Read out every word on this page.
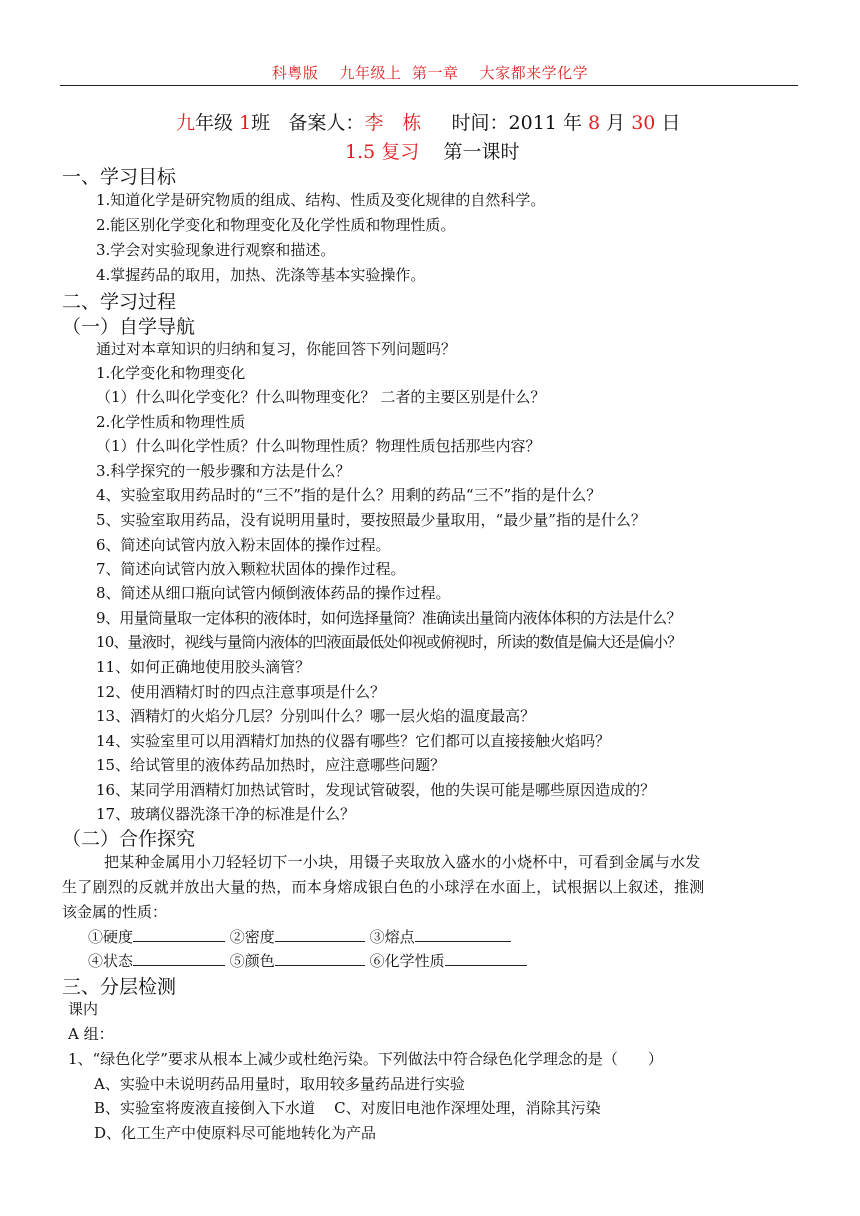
科粤版 九年级上 第一章 大家都来学化学
九年级 1班 备案人：李　栋 时间：2011 年 8 月 30 日
1.5 复习 第一课时
一、学习目标
1.知道化学是研究物质的组成、结构、性质及变化规律的自然科学。
2.能区别化学变化和物理变化及化学性质和物理性质。
3.学会对实验现象进行观察和描述。
4.掌握药品的取用，加热、洗涤等基本实验操作。
二、学习过程
（一）自学导航
通过对本章知识的归纳和复习，你能回答下列问题吗？
1.化学变化和物理变化
（1）什么叫化学变化？什么叫物理变化？ 二者的主要区别是什么？
2.化学性质和物理性质
（1）什么叫化学性质？什么叫物理性质？物理性质包括那些内容？
3.科学探究的一般步骤和方法是什么？
4、实验室取用药品时的“三不”指的是什么？用剩的药品“三不”指的是什么？
5、实验室取用药品，没有说明用量时，要按照最少量取用，“最少量”指的是什么？
6、简述向试管内放入粉末固体的操作过程。
7、简述向试管内放入颗粒状固体的操作过程。
8、简述从细口瓶向试管内倾倒液体药品的操作过程。
9、用量筒量取一定体积的液体时，如何选择量筒？准确读出量筒内液体体积的方法是什么？
10、量液时，视线与量筒内液体的凹液面最低处仰视或俯视时，所读的数值是偏大还是偏小？
11、如何正确地使用胶头滴管？
12、使用酒精灯时的四点注意事项是什么？
13、酒精灯的火焰分几层？分别叫什么？哪一层火焰的温度最高？
14、实验室里可以用酒精灯加热的仪器有哪些？它们都可以直接接触火焰吗？
15、给试管里的液体药品加热时，应注意哪些问题？
16、某同学用酒精灯加热试管时，发现试管破裂，他的失误可能是哪些原因造成的？
17、玻璃仪器洗涤干净的标准是什么？
（二）合作探究
把某种金属用小刀轻轻切下一小块，用镊子夹取放入盛水的小烧杯中，可看到金属与水发
生了剧烈的反就并放出大量的热，而本身熔成银白色的小球浮在水面上，试根据以上叙述，推测
该金属的性质：
①硬度	②密度	③熔点
④状态	⑤颜色	⑥化学性质
三、分层检测
课内
A 组：
1、“绿色化学”要求从根本上减少或杜绝污染。下列做法中符合绿色化学理念的是（　　）
A、实验中未说明药品用量时，取用较多量药品进行实验
B、实验室将废液直接倒入下水道 C、对废旧电池作深埋处理，消除其污染
D、化工生产中使原料尽可能地转化为产品
